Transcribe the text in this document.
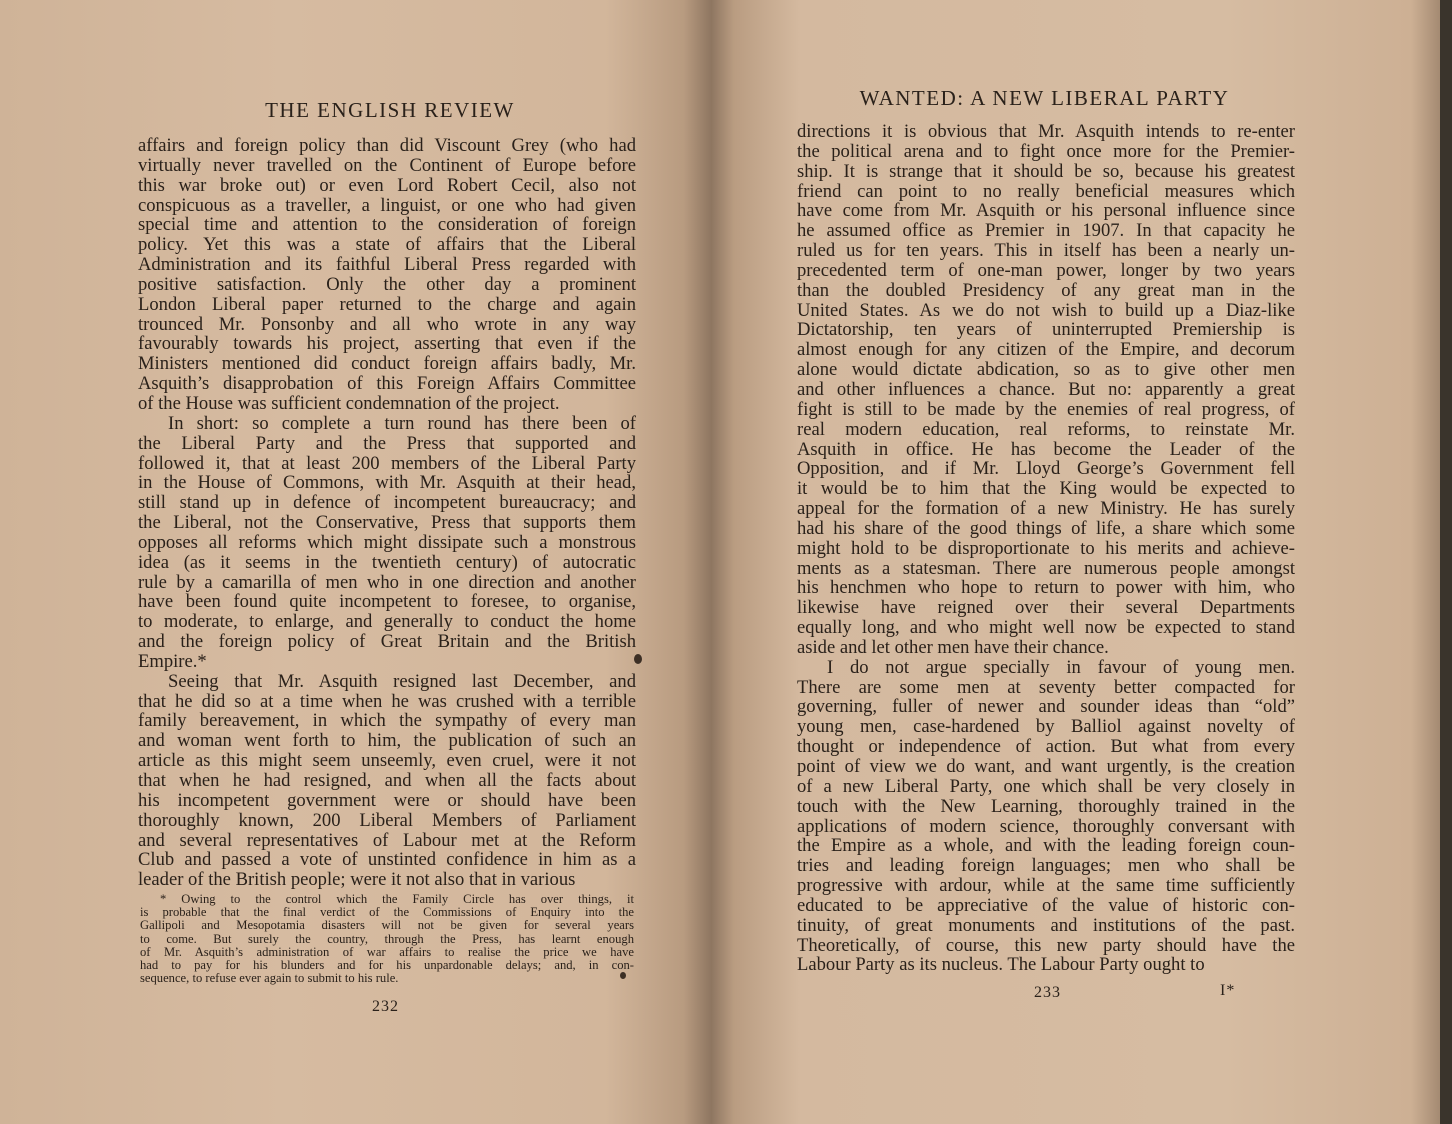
THE ENGLISH REVIEW
affairs and foreign policy than did Viscount Grey (who had
virtually never travelled on the Continent of Europe before
this war broke out) or even Lord Robert Cecil, also not
conspicuous as a traveller, a linguist, or one who had given
special time and attention to the consideration of foreign
policy. Yet this was a state of affairs that the Liberal
Administration and its faithful Liberal Press regarded with
positive satisfaction. Only the other day a prominent
London Liberal paper returned to the charge and again
trounced Mr. Ponsonby and all who wrote in any way
favourably towards his project, asserting that even if the
Ministers mentioned did conduct foreign affairs badly, Mr.
Asquith’s disapprobation of this Foreign Affairs Committee
of the House was sufficient condemnation of the project.
In short: so complete a turn round has there been of
the Liberal Party and the Press that supported and
followed it, that at least 200 members of the Liberal Party
in the House of Commons, with Mr. Asquith at their head,
still stand up in defence of incompetent bureaucracy; and
the Liberal, not the Conservative, Press that supports them
opposes all reforms which might dissipate such a monstrous
idea (as it seems in the twentieth century) of autocratic
rule by a camarilla of men who in one direction and another
have been found quite incompetent to foresee, to organise,
to moderate, to enlarge, and generally to conduct the home
and the foreign policy of Great Britain and the British
Empire.*
Seeing that Mr. Asquith resigned last December, and
that he did so at a time when he was crushed with a terrible
family bereavement, in which the sympathy of every man
and woman went forth to him, the publication of such an
article as this might seem unseemly, even cruel, were it not
that when he had resigned, and when all the facts about
his incompetent government were or should have been
thoroughly known, 200 Liberal Members of Parliament
and several representatives of Labour met at the Reform
Club and passed a vote of unstinted confidence in him as a
leader of the British people; were it not also that in various
* Owing to the control which the Family Circle has over things, it
is probable that the final verdict of the Commissions of Enquiry into the
Gallipoli and Mesopotamia disasters will not be given for several years
to come. But surely the country, through the Press, has learnt enough
of Mr. Asquith’s administration of war affairs to realise the price we have
had to pay for his blunders and for his unpardonable delays; and, in con-
sequence, to refuse ever again to submit to his rule.
232
WANTED: A NEW LIBERAL PARTY
directions it is obvious that Mr. Asquith intends to re-enter
the political arena and to fight once more for the Premier-
ship. It is strange that it should be so, because his greatest
friend can point to no really beneficial measures which
have come from Mr. Asquith or his personal influence since
he assumed office as Premier in 1907. In that capacity he
ruled us for ten years. This in itself has been a nearly un-
precedented term of one-man power, longer by two years
than the doubled Presidency of any great man in the
United States. As we do not wish to build up a Diaz-like
Dictatorship, ten years of uninterrupted Premiership is
almost enough for any citizen of the Empire, and decorum
alone would dictate abdication, so as to give other men
and other influences a chance. But no: apparently a great
fight is still to be made by the enemies of real progress, of
real modern education, real reforms, to reinstate Mr.
Asquith in office. He has become the Leader of the
Opposition, and if Mr. Lloyd George’s Government fell
it would be to him that the King would be expected to
appeal for the formation of a new Ministry. He has surely
had his share of the good things of life, a share which some
might hold to be disproportionate to his merits and achieve-
ments as a statesman. There are numerous people amongst
his henchmen who hope to return to power with him, who
likewise have reigned over their several Departments
equally long, and who might well now be expected to stand
aside and let other men have their chance.
I do not argue specially in favour of young men.
There are some men at seventy better compacted for
governing, fuller of newer and sounder ideas than “old”
young men, case-hardened by Balliol against novelty of
thought or independence of action. But what from every
point of view we do want, and want urgently, is the creation
of a new Liberal Party, one which shall be very closely in
touch with the New Learning, thoroughly trained in the
applications of modern science, thoroughly conversant with
the Empire as a whole, and with the leading foreign coun-
tries and leading foreign languages; men who shall be
progressive with ardour, while at the same time sufficiently
educated to be appreciative of the value of historic con-
tinuity, of great monuments and institutions of the past.
Theoretically, of course, this new party should have the
Labour Party as its nucleus. The Labour Party ought to
233	I*
